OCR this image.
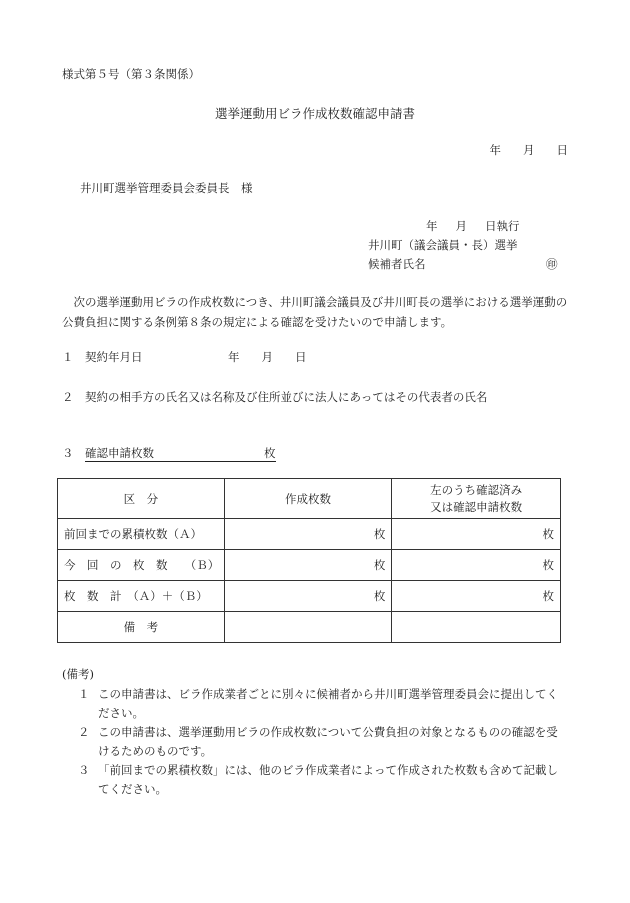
様式第５号（第３条関係）
選挙運動用ビラ作成枚数確認申請書
年 月 日
井川町選挙管理委員会委員長　様
年 月 日執行
井川町（議会議員・長）選挙
候補者氏名	㊞
次の選挙運動用ビラの作成枚数につき、井川町議会議員及び井川町長の選挙における選挙運動の公費負担に関する条例第８条の規定による確認を受けたいので申請します。
１　契約年月日	年 月 日
２　契約の相手方の氏名又は名称及び住所並びに法人にあってはその代表者の氏名
３　 確認申請枚数	枚
区　分	作成枚数	左のうち確認済み
又は確認申請枚数

前回までの累積枚数（Ａ）	枚	枚
今　回　の　枚　数　　（Ｂ）	枚	枚
枚　数　計　（Ａ）＋（Ｂ）	枚	枚
備　考		
(備考)
１ この申請書は、ビラ作成業者ごとに別々に候補者から井川町選挙管理委員会に提出してください。
２ この申請書は、選挙運動用ビラの作成枚数について公費負担の対象となるものの確認を受けるためのものです。
３ 「前回までの累積枚数」には、他のビラ作成業者によって作成された枚数も含めて記載してください。
